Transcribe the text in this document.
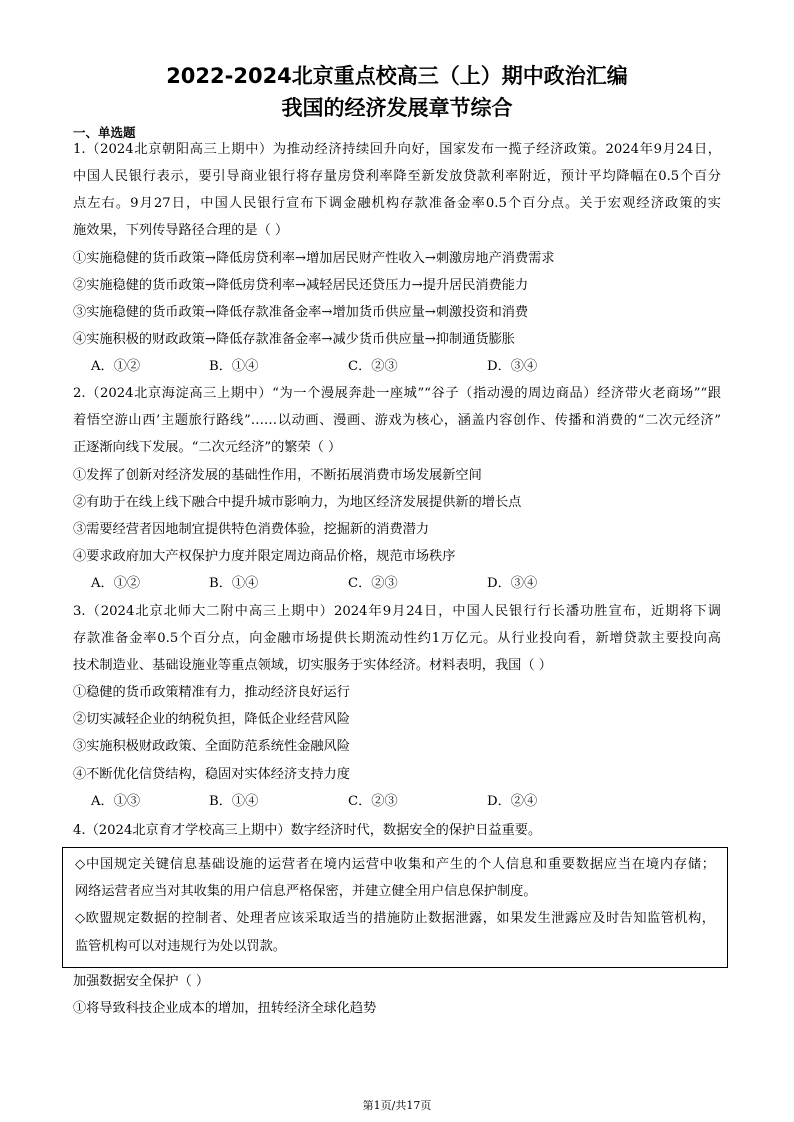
2022-2024北京重点校高三（上）期中政治汇编
我国的经济发展章节综合
一、单选题
1.（2024北京朝阳高三上期中）为推动经济持续回升向好，国家发布一揽子经济政策。2024年9月24日，
中国人民银行表示，要引导商业银行将存量房贷利率降至新发放贷款利率附近，预计平均降幅在0.5个百分
点左右。9月27日，中国人民银行宣布下调金融机构存款准备金率0.5个百分点。关于宏观经济政策的实
施效果，下列传导路径合理的是（ ）
①实施稳健的货币政策→降低房贷利率→增加居民财产性收入→刺激房地产消费需求
②实施稳健的货币政策→降低房贷利率→减轻居民还贷压力→提升居民消费能力
③实施稳健的货币政策→降低存款准备金率→增加货币供应量→刺激投资和消费
④实施积极的财政政策→降低存款准备金率→减少货币供应量→抑制通货膨胀
A．①②	B．①④	C．②③	D．③④
2.（2024北京海淀高三上期中）“为一个漫展奔赴一座城”“谷子（指动漫的周边商品）经济带火老商场”“跟
着悟空游山西’主题旅行路线”……以动画、漫画、游戏为核心，涵盖内容创作、传播和消费的“二次元经济”
正逐渐向线下发展。“二次元经济”的繁荣（ ）
①发挥了创新对经济发展的基础性作用，不断拓展消费市场发展新空间
②有助于在线上线下融合中提升城市影响力，为地区经济发展提供新的增长点
③需要经营者因地制宜提供特色消费体验，挖掘新的消费潜力
④要求政府加大产权保护力度并限定周边商品价格，规范市场秩序
A．①②	B．①④	C．②③	D．③④
3.（2024北京北师大二附中高三上期中）2024年9月24日，中国人民银行行长潘功胜宣布，近期将下调
存款准备金率0.5个百分点，向金融市场提供长期流动性约1万亿元。从行业投向看，新增贷款主要投向高
技术制造业、基础设施业等重点领域，切实服务于实体经济。材料表明，我国（ ）
①稳健的货币政策精准有力，推动经济良好运行
②切实减轻企业的纳税负担，降低企业经营风险
③实施积极财政政策、全面防范系统性金融风险
④不断优化信贷结构，稳固对实体经济支持力度
A．①③	B．①④	C．②③	D．②④
4.（2024北京育才学校高三上期中）数字经济时代，数据安全的保护日益重要。
◇中国规定关键信息基础设施的运营者在境内运营中收集和产生的个人信息和重要数据应当在境内存储；
网络运营者应当对其收集的用户信息严格保密，并建立健全用户信息保护制度。
◇欧盟规定数据的控制者、处理者应该采取适当的措施防止数据泄露，如果发生泄露应及时告知监管机构，
监管机构可以对违规行为处以罚款。
加强数据安全保护（ ）
①将导致科技企业成本的增加，扭转经济全球化趋势
第1页/共17页
